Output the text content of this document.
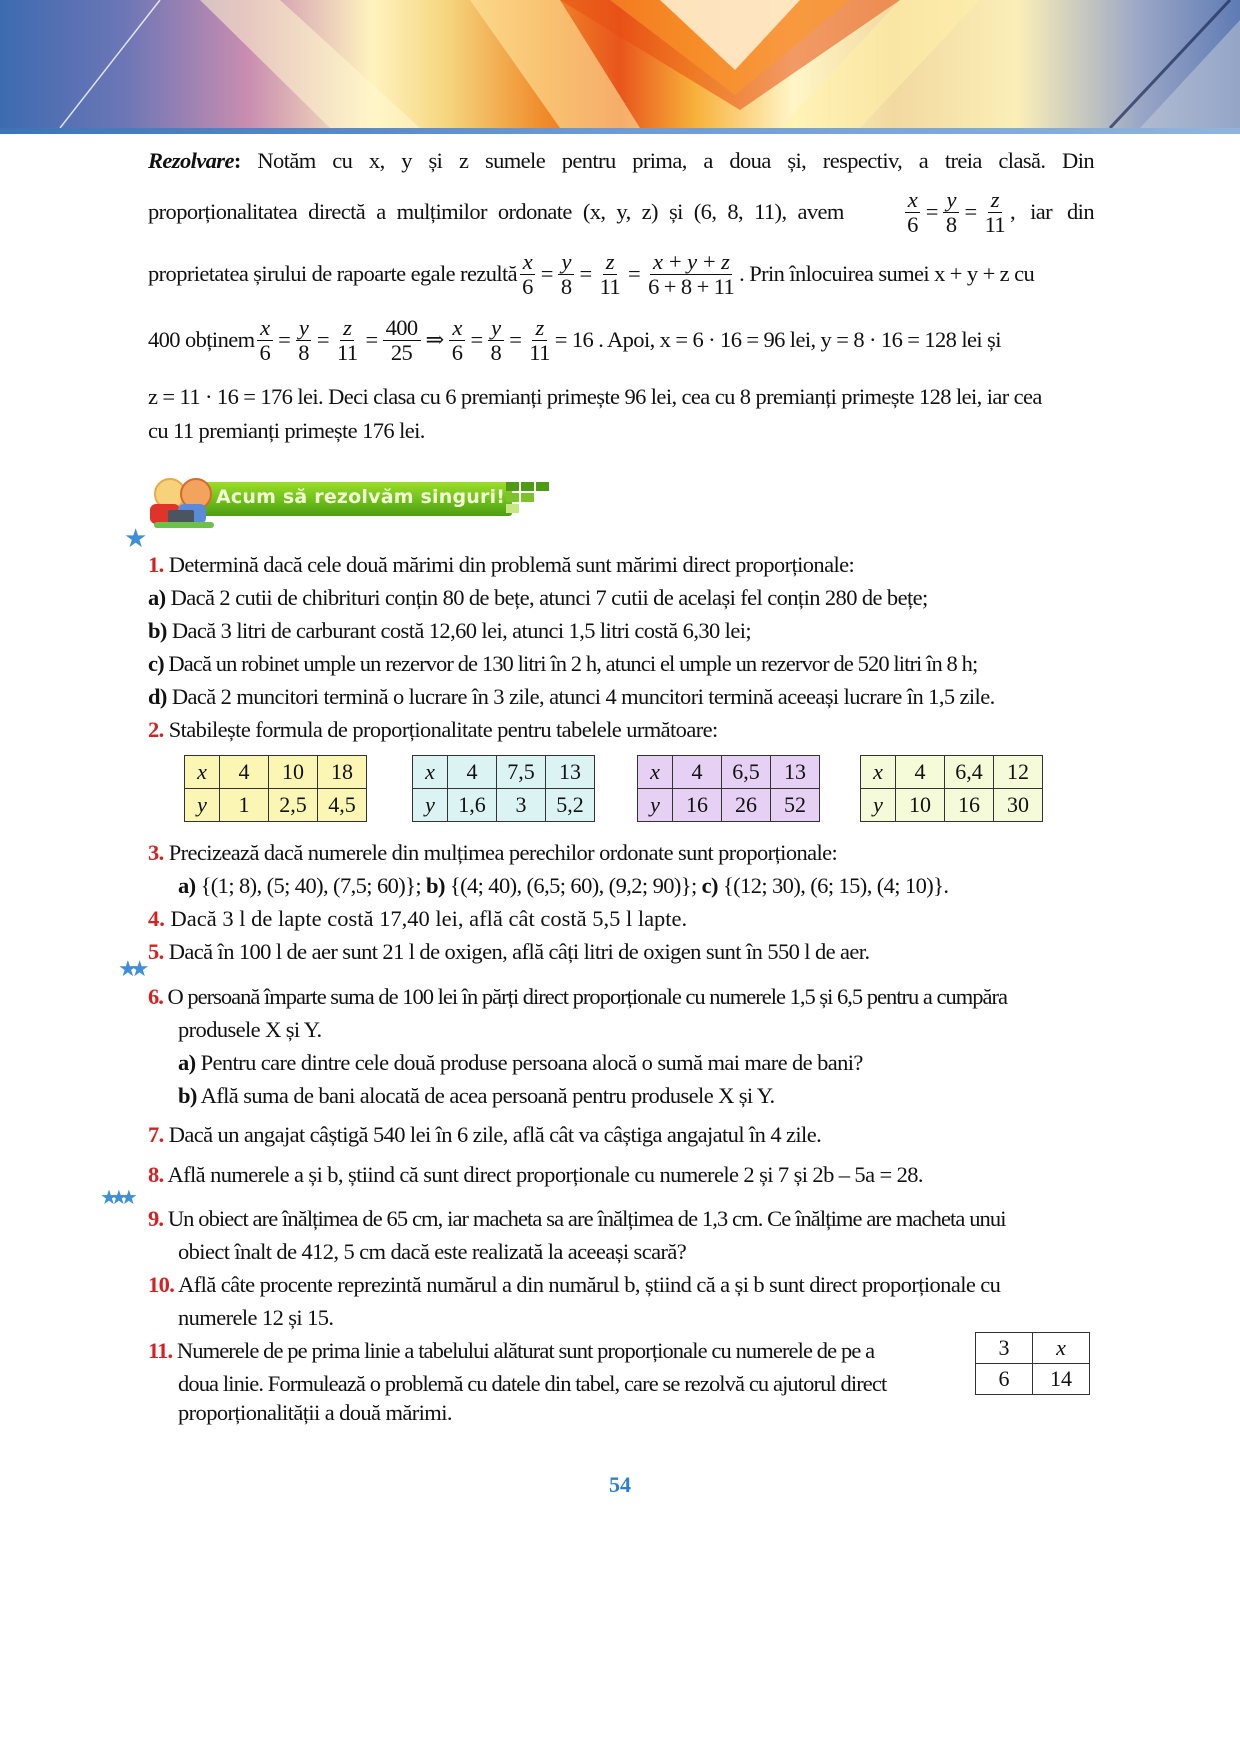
Rezolvare: Notăm cu x, y și z sumele pentru prima, a doua și, respectiv, a treia clasă. Din
proporționalitatea directă a mulțimilor ordonate (x, y, z) și (6, 8, 11), avem	$\frac{x}{6} = \frac{y}{8} = \frac{z}{11}$ , iar din
proprietatea șirului de rapoarte egale rezultă $\frac{x}{6} = \frac{y}{8} = \frac{z}{11} = \frac{x + y + z}{6 + 8 + 11}$ . Prin înlocuirea sumei x + y + z cu
400 obținem $\frac{x}{6} = \frac{y}{8} = \frac{z}{11} = \frac{400}{25}$ ⇒ $\frac{x}{6} = \frac{y}{8} = \frac{z}{11} = 16$ . Apoi, x = 6 · 16 = 96 lei, y = 8 · 16 = 128 lei și
z = 11 · 16 = 176 lei. Deci clasa cu 6 premianți primește 96 lei, cea cu 8 premianți primește 128 lei, iar cea
cu 11 premianți primește 176 lei.
Acum să rezolvăm singuri!
★
★★
★★★
1. Determină dacă cele două mărimi din problemă sunt mărimi direct proporționale:
a) Dacă 2 cutii de chibrituri conțin 80 de bețe, atunci 7 cutii de același fel conțin 280 de bețe;
b) Dacă 3 litri de carburant costă 12,60 lei, atunci 1,5 litri costă 6,30 lei;
c) Dacă un robinet umple un rezervor de 130 litri în 2 h, atunci el umple un rezervor de 520 litri în 8 h;
d) Dacă 2 muncitori termină o lucrare în 3 zile, atunci 4 muncitori termină aceeași lucrare în 1,5 zile.
2. Stabilește formula de proporționalitate pentru tabelele următoare:
x	4	10	18
y	1	2,5	4,5
x	4	7,5	13
y	1,6	3	5,2
x	4	6,5	13
y	16	26	52
x	4	6,4	12
y	10	16	30
3. Precizează dacă numerele din mulțimea perechilor ordonate sunt proporționale:
a) {(1; 8), (5; 40), (7,5; 60)}; b) {(4; 40), (6,5; 60), (9,2; 90)}; c) {(12; 30), (6; 15), (4; 10)}.
4. Dacă 3 l de lapte costă 17,40 lei, află cât costă 5,5 l lapte.
5. Dacă în 100 l de aer sunt 21 l de oxigen, află câți litri de oxigen sunt în 550 l de aer.
6. O persoană împarte suma de 100 lei în părți direct proporționale cu numerele 1,5 și 6,5 pentru a cumpăra
produsele X și Y.
a) Pentru care dintre cele două produse persoana alocă o sumă mai mare de bani?
b) Află suma de bani alocată de acea persoană pentru produsele X și Y.
7. Dacă un angajat câștigă 540 lei în 6 zile, află cât va câștiga angajatul în 4 zile.
8. Află numerele a și b, știind că sunt direct proporționale cu numerele 2 și 7 și 2b – 5a = 28.
9. Un obiect are înălțimea de 65 cm, iar macheta sa are înălțimea de 1,3 cm. Ce înălțime are macheta unui
obiect înalt de 412, 5 cm dacă este realizată la aceeași scară?
10. Află câte procente reprezintă numărul a din numărul b, știind că a și b sunt direct proporționale cu
numerele 12 și 15.
11. Numerele de pe prima linie a tabelului alăturat sunt proporționale cu numerele de pe a
doua linie. Formulează o problemă cu datele din tabel, care se rezolvă cu ajutorul direct
proporționalității a două mărimi.
3	x
6	14
54
